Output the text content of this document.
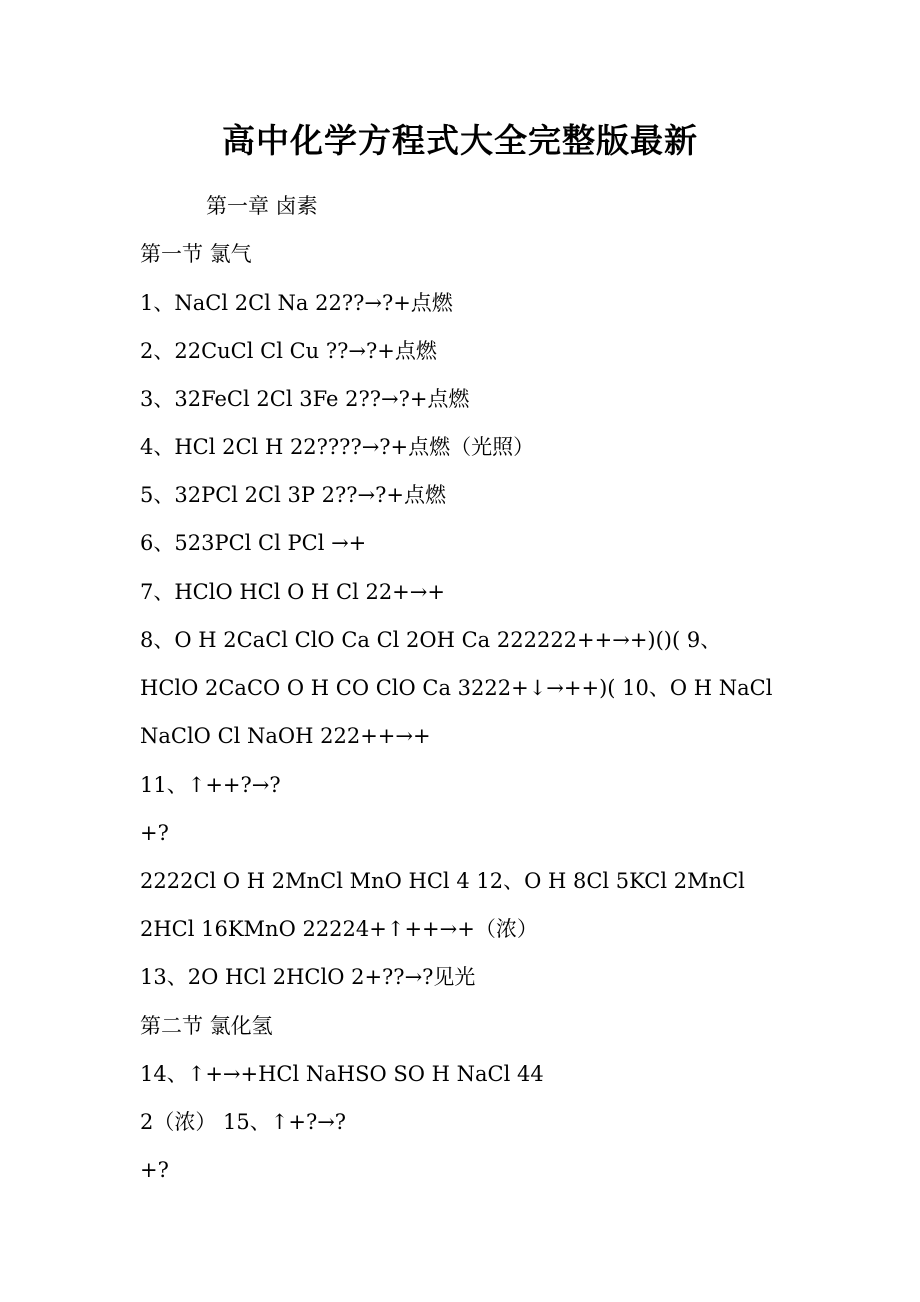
高中化学方程式大全完整版最新
第一章 卤素
第一节 氯气
1、NaCl 2Cl Na 22??→?+点燃
2、22CuCl Cl Cu ??→?+点燃
3、32FeCl 2Cl 3Fe 2??→?+点燃
4、HCl 2Cl H 22????→?+点燃（光照）
5、32PCl 2Cl 3P 2??→?+点燃
6、523PCl Cl PCl →+
7、HClO HCl O H Cl 22+→+
8、O H 2CaCl ClO Ca Cl 2OH Ca 222222++→+)()( 9、
HClO 2CaCO O H CO ClO Ca 3222+↓→++)( 10、O H NaCl
NaClO Cl NaOH 222++→+
11、↑++?→?
+?
2222Cl O H 2MnCl MnO HCl 4 12、O H 8Cl 5KCl 2MnCl
2HCl 16KMnO 22224+↑++→+（浓）
13、2O HCl 2HClO 2+??→?见光
第二节 氯化氢
14、↑+→+HCl NaHSO SO H NaCl 44
2（浓） 15、↑+?→?
+?
